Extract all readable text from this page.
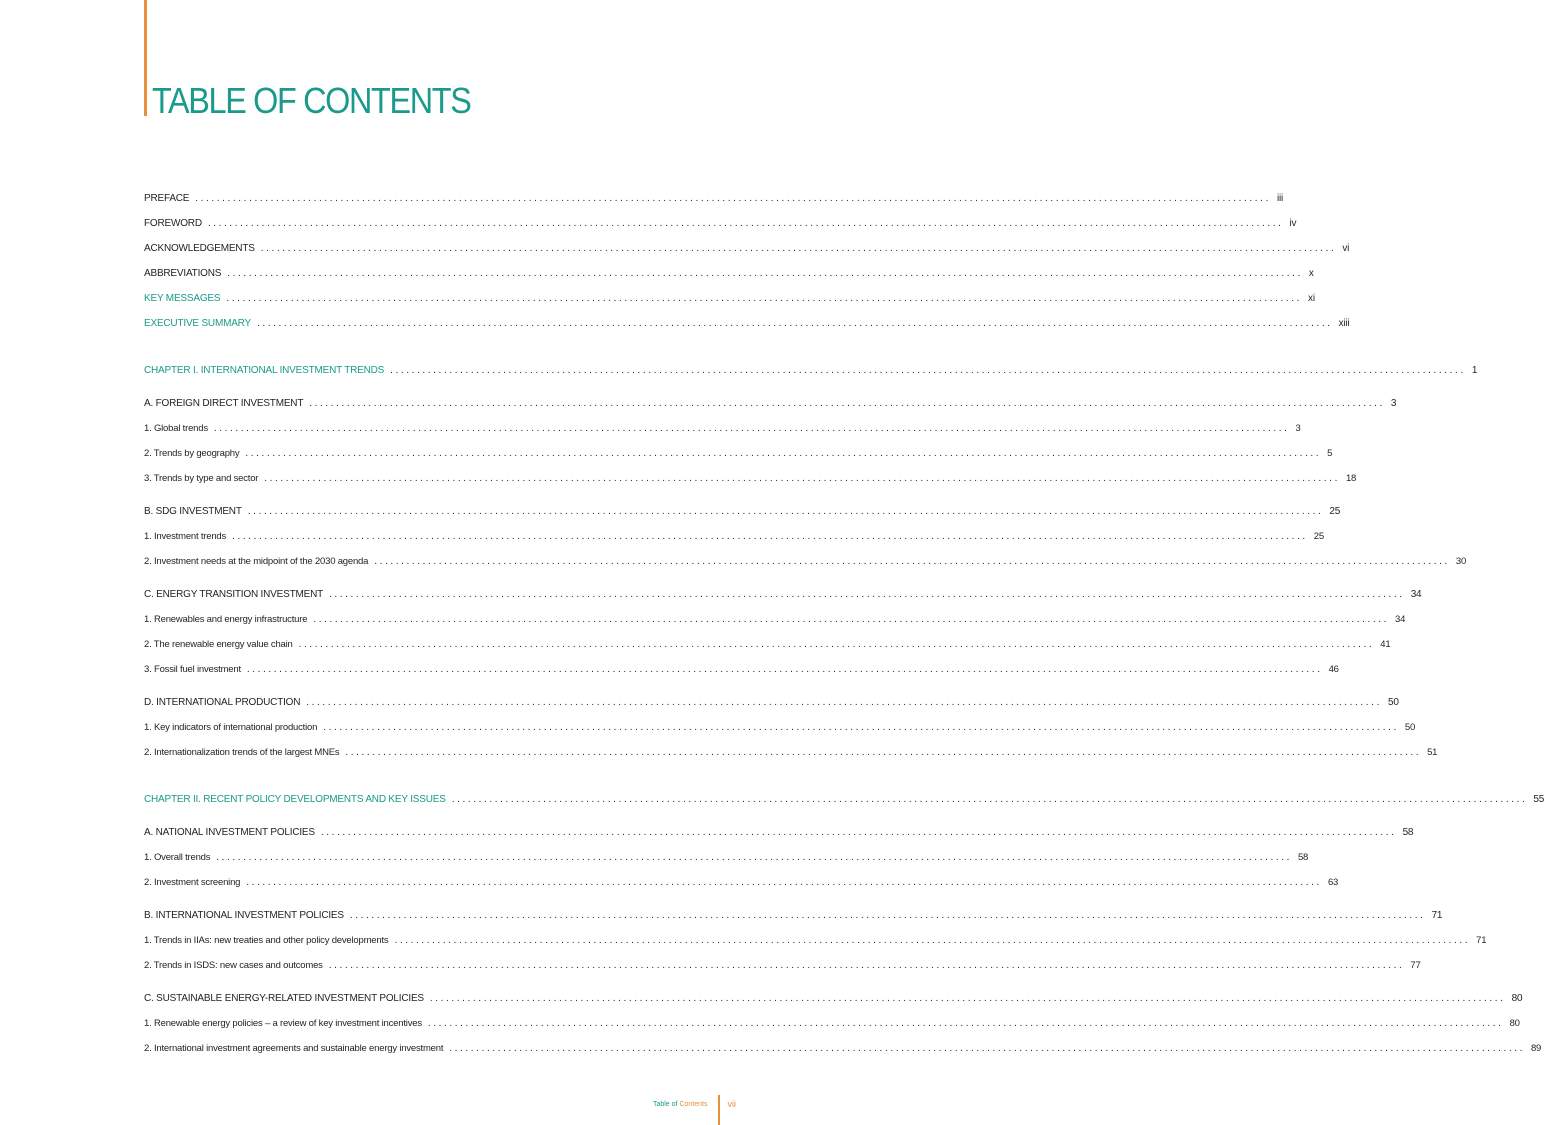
TABLE OF CONTENTS
PREFACE ........................................................................................................................................................................................................ iii
FOREWORD ........................................................................................................................................................................................................ iv
ACKNOWLEDGEMENTS ........................................................................................................................................................................................................ vi
ABBREVIATIONS ........................................................................................................................................................................................................ x
KEY MESSAGES ........................................................................................................................................................................................................ xi
EXECUTIVE SUMMARY ........................................................................................................................................................................................................ xiii
CHAPTER I. INTERNATIONAL INVESTMENT TRENDS ........................................................................................................................................................................................................ 1
A. FOREIGN DIRECT INVESTMENT ........................................................................................................................................................................................................ 3
1. Global trends ........................................................................................................................................................................................................ 3
2. Trends by geography ........................................................................................................................................................................................................ 5
3. Trends by type and sector ........................................................................................................................................................................................................ 18
B. SDG INVESTMENT ........................................................................................................................................................................................................ 25
1. Investment trends ........................................................................................................................................................................................................ 25
2. Investment needs at the midpoint of the 2030 agenda ........................................................................................................................................................................................................ 30
C. ENERGY TRANSITION INVESTMENT ........................................................................................................................................................................................................ 34
1. Renewables and energy infrastructure ........................................................................................................................................................................................................ 34
2. The renewable energy value chain ........................................................................................................................................................................................................ 41
3. Fossil fuel investment ........................................................................................................................................................................................................ 46
D. INTERNATIONAL PRODUCTION ........................................................................................................................................................................................................ 50
1. Key indicators of international production ........................................................................................................................................................................................................ 50
2. Internationalization trends of the largest MNEs ........................................................................................................................................................................................................ 51
CHAPTER II. RECENT POLICY DEVELOPMENTS AND KEY ISSUES ........................................................................................................................................................................................................ 55
A. NATIONAL INVESTMENT POLICIES ........................................................................................................................................................................................................ 58
1. Overall trends ........................................................................................................................................................................................................ 58
2. Investment screening ........................................................................................................................................................................................................ 63
B. INTERNATIONAL INVESTMENT POLICIES ........................................................................................................................................................................................................ 71
1. Trends in IIAs: new treaties and other policy developments ........................................................................................................................................................................................................ 71
2. Trends in ISDS: new cases and outcomes ........................................................................................................................................................................................................ 77
C. SUSTAINABLE ENERGY-RELATED INVESTMENT POLICIES ........................................................................................................................................................................................................ 80
1. Renewable energy policies – a review of key investment incentives ........................................................................................................................................................................................................ 80
2. International investment agreements and sustainable energy investment ........................................................................................................................................................................................................ 89
Table of Contents vii
